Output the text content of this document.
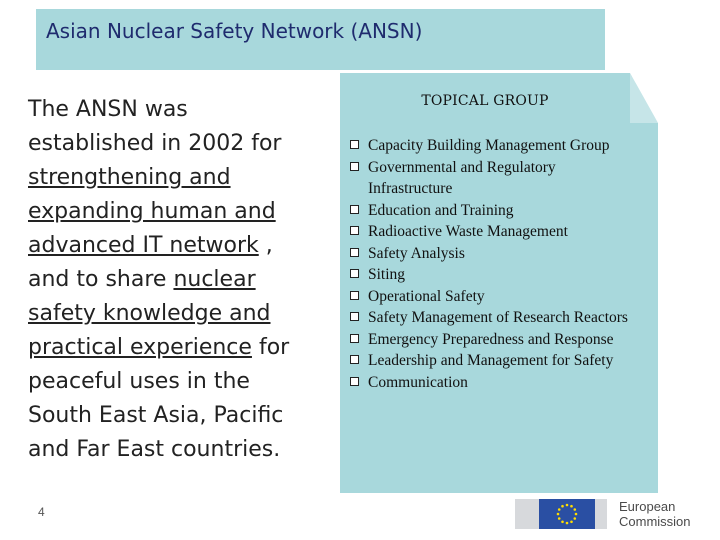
Asian Nuclear Safety Network (ANSN)
The ANSN was established in 2002 for strengthening and expanding human and advanced IT network , and to share nuclear safety knowledge and practical experience for peaceful uses in the South East Asia, Pacific and Far East countries.
TOPICAL GROUP
Capacity Building Management Group
Governmental and Regulatory Infrastructure
Education and Training
Radioactive Waste Management
Safety Analysis
Siting
Operational Safety
Safety Management of Research Reactors
Emergency Preparedness and Response
Leadership and Management for Safety
Communication
4	European
Commission
